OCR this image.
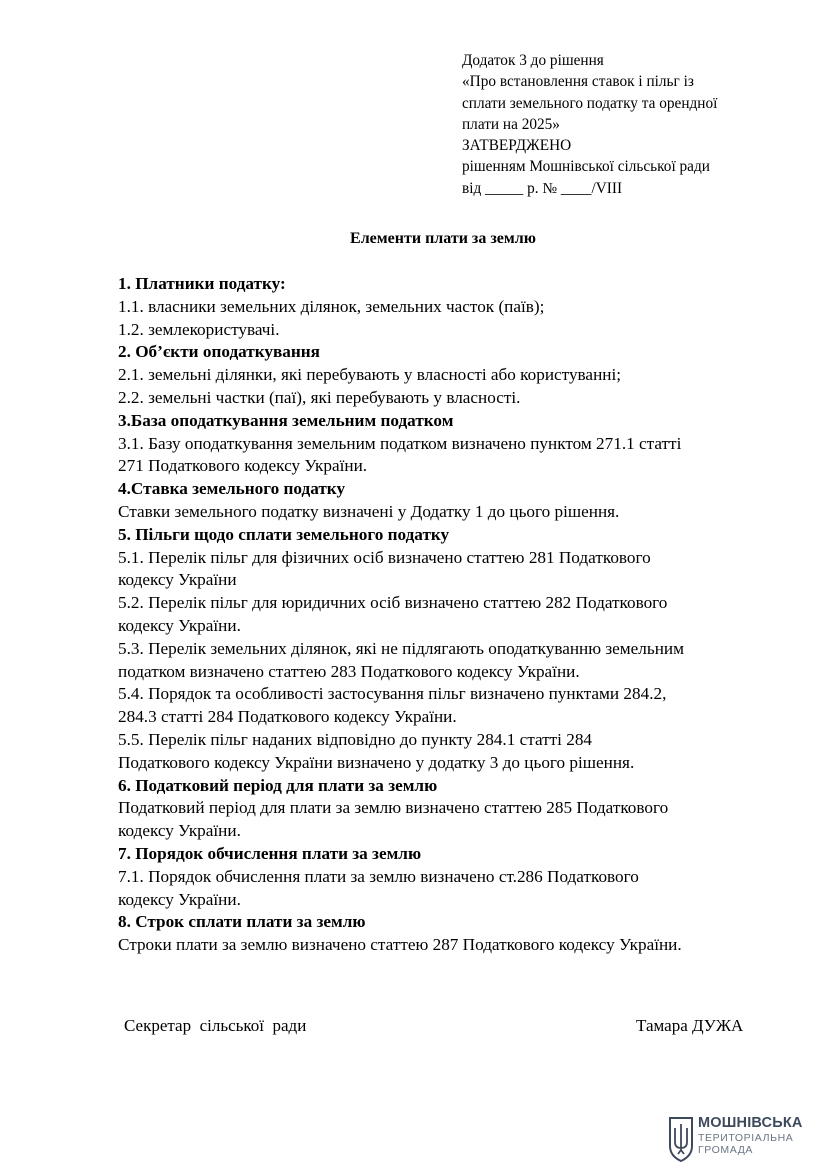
Додаток 3 до рішення
«Про встановлення ставок і пільг із
сплати земельного податку та орендної
плати на 2025»
ЗАТВЕРДЖЕНО
рішенням Мошнівської сільської ради
від _____ р. № ____/VIII
Елементи плати за землю
1. Платники податку:
1.1. власники земельних ділянок, земельних часток (паїв);
1.2. землекористувачі.
2. Об’єкти оподаткування
2.1. земельні ділянки, які перебувають у власності або користуванні;
2.2. земельні частки (паї), які перебувають у власності.
3.База оподаткування земельним податком
3.1. Базу оподаткування земельним податком визначено пунктом 271.1 статті
271 Податкового кодексу України.
4.Ставка земельного податку
Ставки земельного податку визначені у Додатку 1 до цього рішення.
5. Пільги щодо сплати земельного податку
5.1. Перелік пільг для фізичних осіб визначено статтею 281 Податкового
кодексу України
5.2. Перелік пільг для юридичних осіб визначено статтею 282 Податкового
кодексу України.
5.3. Перелік земельних ділянок, які не підлягають оподаткуванню земельним
податком визначено статтею 283 Податкового кодексу України.
5.4. Порядок та особливості застосування пільг визначено пунктами 284.2,
284.3 статті 284 Податкового кодексу України.
5.5. Перелік пільг наданих відповідно до пункту 284.1 статті 284
Податкового кодексу України визначено у додатку 3 до цього рішення.
6. Податковий період для плати за землю
Податковий період для плати за землю визначено статтею 285 Податкового
кодексу України.
7. Порядок обчислення плати за землю
7.1. Порядок обчислення плати за землю визначено ст.286 Податкового
кодексу України.
8. Строк сплати плати за землю
Строки плати за землю визначено статтею 287 Податкового кодексу України.
Секретар  сільської  ради	Тамара ДУЖА
МОШНІВСЬКА
ТЕРИТОРІАЛЬНА
ГРОМАДА
